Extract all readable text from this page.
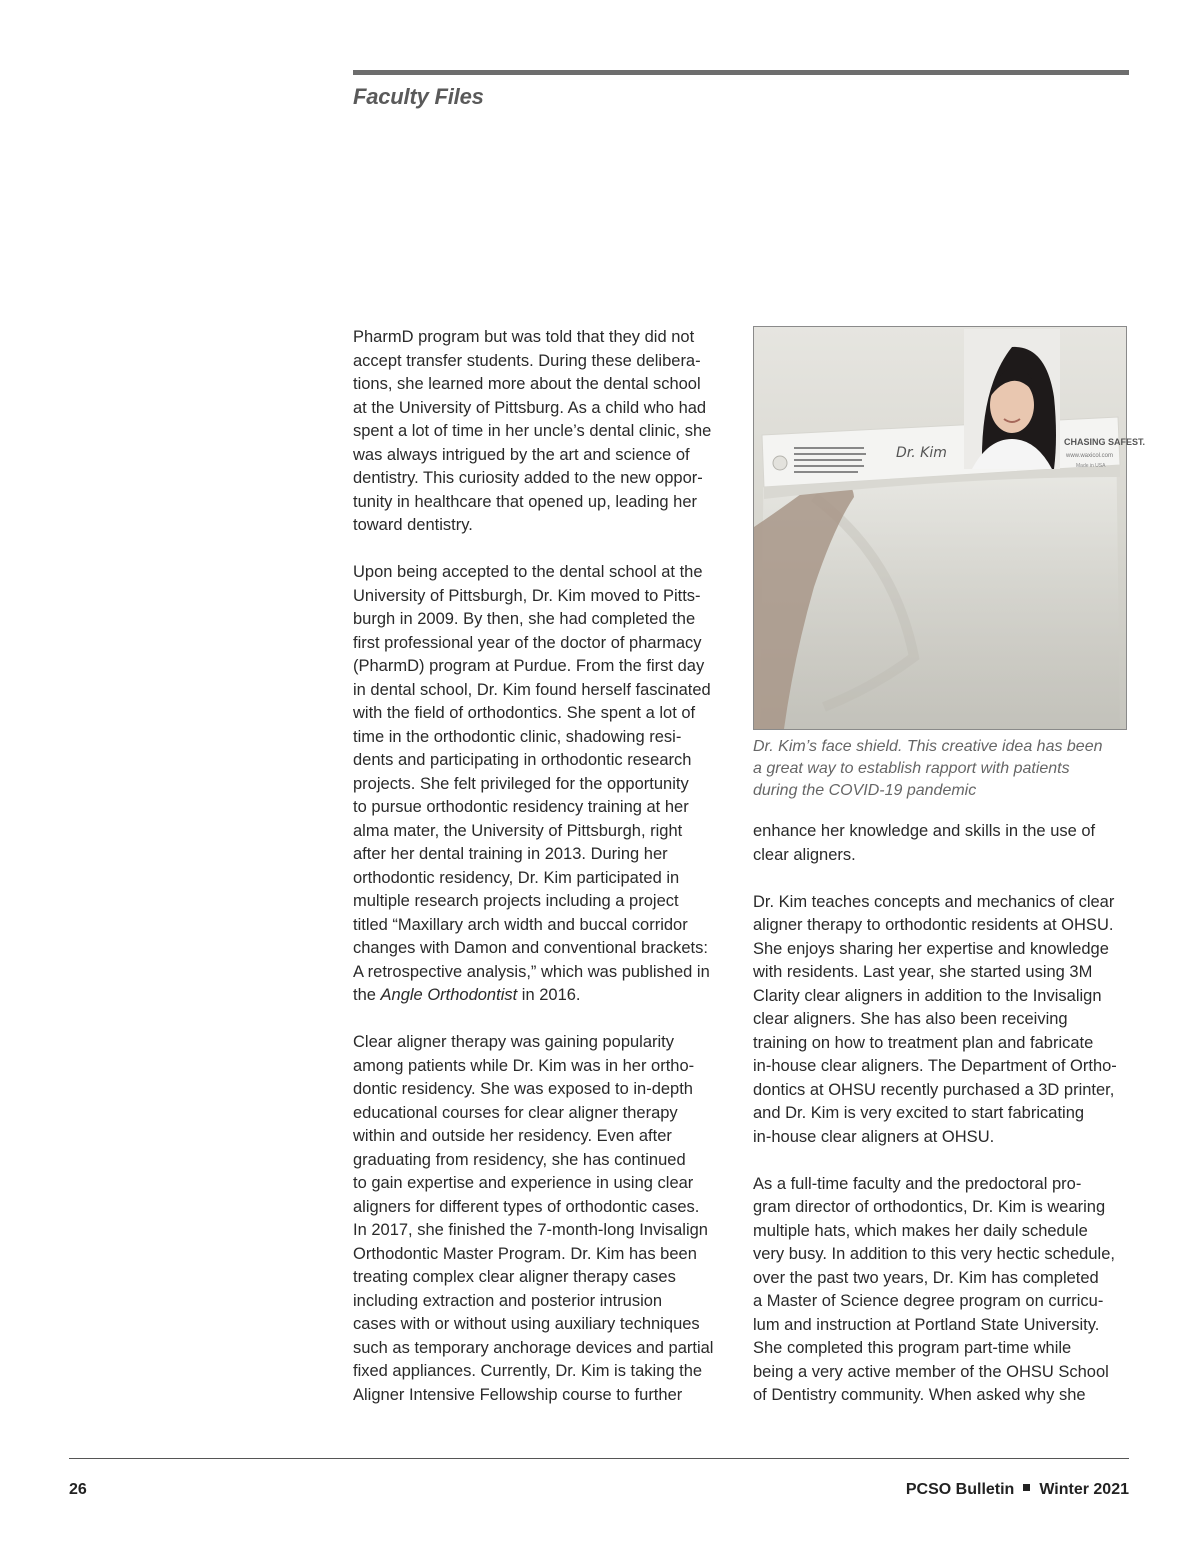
Faculty Files

PharmD program but was told that they did not
accept transfer students. During these delibera-
tions, she learned more about the dental school
at the University of Pittsburg. As a child who had
spent a lot of time in her uncle’s dental clinic, she
was always intrigued by the art and science of
dentistry. This curiosity added to the new oppor-
tunity in healthcare that opened up, leading her
toward dentistry.

Upon being accepted to the dental school at the
University of Pittsburgh, Dr. Kim moved to Pitts-
burgh in 2009. By then, she had completed the
first professional year of the doctor of pharmacy
(PharmD) program at Purdue. From the first day
in dental school, Dr. Kim found herself fascinated
with the field of orthodontics. She spent a lot of
time in the orthodontic clinic, shadowing resi-
dents and participating in orthodontic research
projects. She felt privileged for the opportunity
to pursue orthodontic residency training at her
alma mater, the University of Pittsburgh, right
after her dental training in 2013. During her
orthodontic residency, Dr. Kim participated in
multiple research projects including a project
titled “Maxillary arch width and buccal corridor
changes with Damon and conventional brackets:
A retrospective analysis,” which was published in
the Angle Orthodontist in 2016.

Clear aligner therapy was gaining popularity
among patients while Dr. Kim was in her ortho-
dontic residency. She was exposed to in-depth
educational courses for clear aligner therapy
within and outside her residency. Even after
graduating from residency, she has continued
to gain expertise and experience in using clear
aligners for different types of orthodontic cases.
In 2017, she finished the 7-month-long Invisalign
Orthodontic Master Program. Dr. Kim has been
treating complex clear aligner therapy cases
including extraction and posterior intrusion
cases with or without using auxiliary techniques
such as temporary anchorage devices and partial
fixed appliances. Currently, Dr. Kim is taking the
Aligner Intensive Fellowship course to further

CHASING SAFEST.
www.waxicol.com
Made in USA
Dr. Kim

Dr. Kim’s face shield. This creative idea has been
a great way to establish rapport with patients
during the COVID-19 pandemic

enhance her knowledge and skills in the use of
clear aligners.

Dr. Kim teaches concepts and mechanics of clear
aligner therapy to orthodontic residents at OHSU.
She enjoys sharing her expertise and knowledge
with residents. Last year, she started using 3M
Clarity clear aligners in addition to the Invisalign
clear aligners. She has also been receiving
training on how to treatment plan and fabricate
in-house clear aligners. The Department of Ortho-
dontics at OHSU recently purchased a 3D printer,
and Dr. Kim is very excited to start fabricating
in-house clear aligners at OHSU.

As a full-time faculty and the predoctoral pro-
gram director of orthodontics, Dr. Kim is wearing
multiple hats, which makes her daily schedule
very busy. In addition to this very hectic schedule,
over the past two years, Dr. Kim has completed
a Master of Science degree program on curricu-
lum and instruction at Portland State University.
She completed this program part-time while
being a very active member of the OHSU School
of Dentistry community. When asked why she

26	PCSO Bulletin Winter 2021
